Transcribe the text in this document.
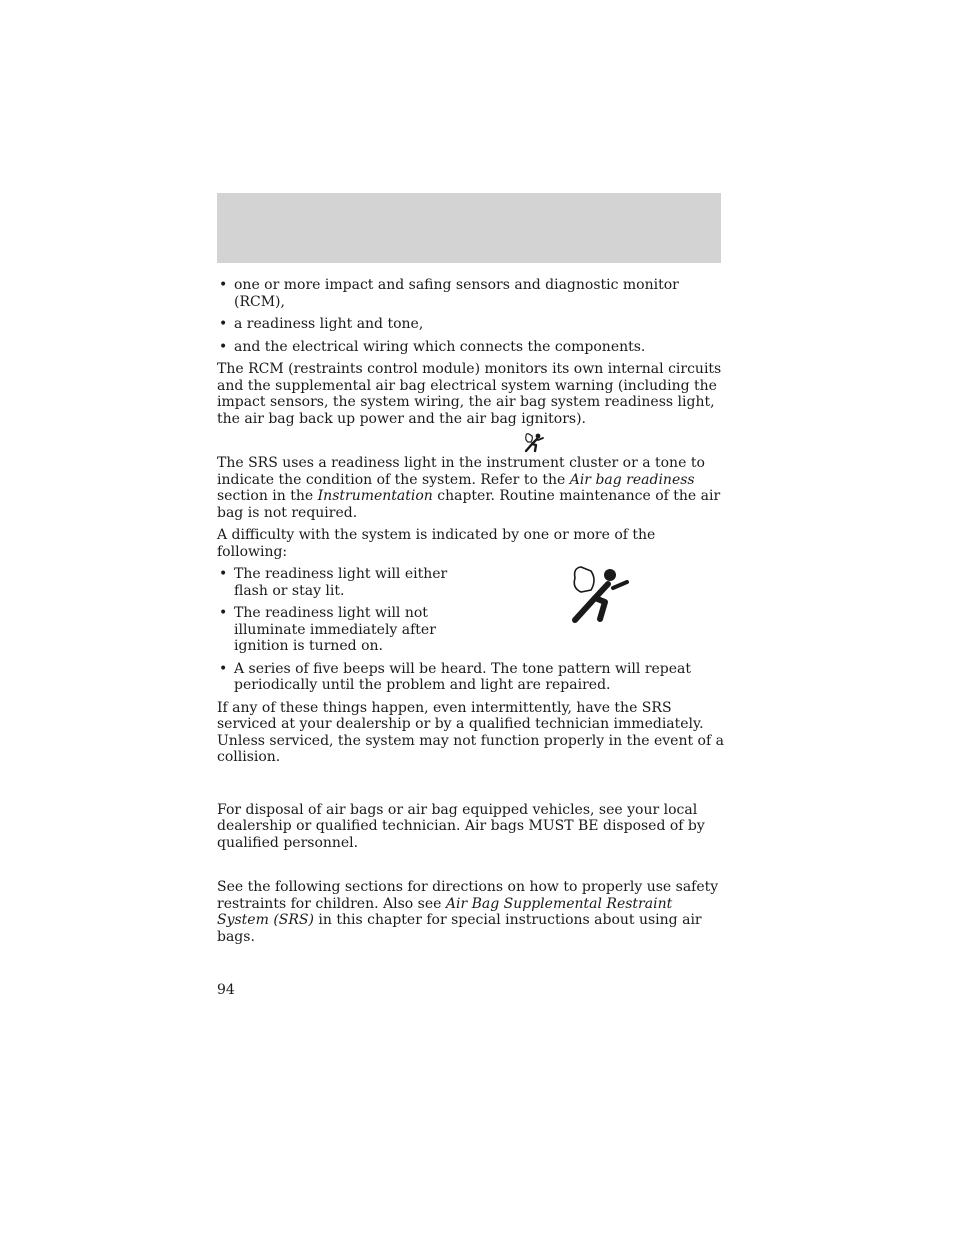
• one or more impact and safing sensors and diagnostic monitor (RCM),
• a readiness light and tone,
• and the electrical wiring which connects the components.

The RCM (restraints control module) monitors its own internal circuits and the supplemental air bag electrical system warning (including the impact sensors, the system wiring, the air bag system readiness light, the air bag back up power and the air bag ignitors).

The SRS uses a readiness light in the instrument cluster or a tone to indicate the condition of the system. Refer to the Air bag readiness section in the Instrumentation chapter. Routine maintenance of the air bag is not required.

A difficulty with the system is indicated by one or more of the following:

• The readiness light will either flash or stay lit.
• The readiness light will not illuminate immediately after ignition is turned on.
• A series of five beeps will be heard. The tone pattern will repeat periodically until the problem and light are repaired.

If any of these things happen, even intermittently, have the SRS serviced at your dealership or by a qualified technician immediately. Unless serviced, the system may not function properly in the event of a collision.

For disposal of air bags or air bag equipped vehicles, see your local dealership or qualified technician. Air bags MUST BE disposed of by qualified personnel.

See the following sections for directions on how to properly use safety restraints for children. Also see Air Bag Supplemental Restraint System (SRS) in this chapter for special instructions about using air bags.

94
